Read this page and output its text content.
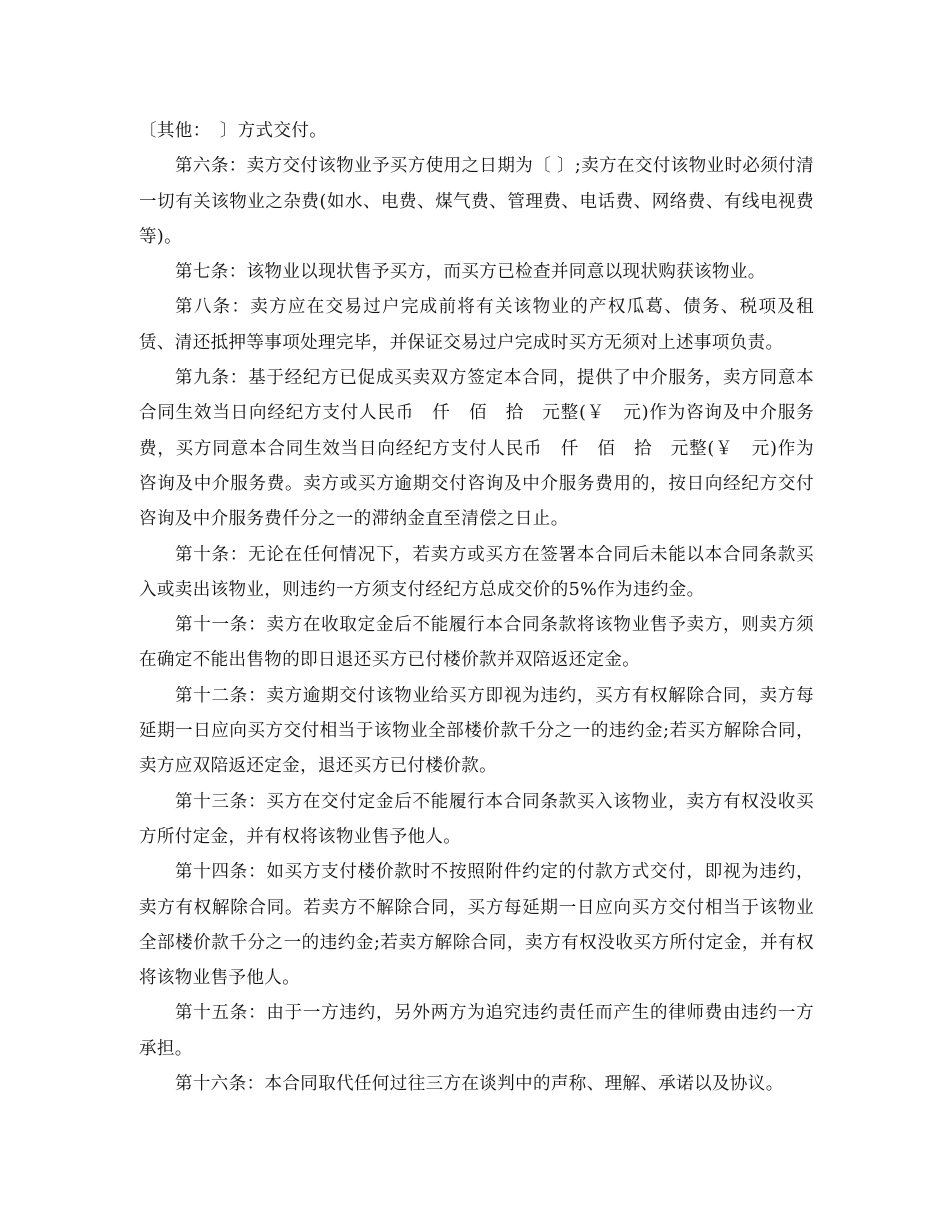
〔其他：　〕方式交付。

第六条：卖方交付该物业予买方使用之日期为〔 〕;卖方在交付该物业时必须付清一切有关该物业之杂费(如水、电费、煤气费、管理费、电话费、网络费、有线电视费等)。

第七条：该物业以现状售予买方，而买方已检查并同意以现状购获该物业。

第八条：卖方应在交易过户完成前将有关该物业的产权瓜葛、债务、税项及租赁、清还抵押等事项处理完毕，并保证交易过户完成时买方无须对上述事项负责。

第九条：基于经纪方已促成买卖双方签定本合同，提供了中介服务，卖方同意本合同生效当日向经纪方支付人民币　仟　佰　拾　元整(￥　元)作为咨询及中介服务费，买方同意本合同生效当日向经纪方支付人民币　仟　佰　拾　元整(￥　元)作为咨询及中介服务费。卖方或买方逾期交付咨询及中介服务费用的，按日向经纪方交付咨询及中介服务费仟分之一的滞纳金直至清偿之日止。

第十条：无论在任何情况下，若卖方或买方在签署本合同后未能以本合同条款买入或卖出该物业，则违约一方须支付经纪方总成交价的5%作为违约金。

第十一条：卖方在收取定金后不能履行本合同条款将该物业售予卖方，则卖方须在确定不能出售物的即日退还买方已付楼价款并双陪返还定金。

第十二条：卖方逾期交付该物业给买方即视为违约，买方有权解除合同，卖方每延期一日应向买方交付相当于该物业全部楼价款千分之一的违约金;若买方解除合同，卖方应双陪返还定金，退还买方已付楼价款。

第十三条：买方在交付定金后不能履行本合同条款买入该物业，卖方有权没收买方所付定金，并有权将该物业售予他人。

第十四条：如买方支付楼价款时不按照附件约定的付款方式交付，即视为违约，卖方有权解除合同。若卖方不解除合同，买方每延期一日应向买方交付相当于该物业全部楼价款千分之一的违约金;若卖方解除合同，卖方有权没收买方所付定金，并有权将该物业售予他人。

第十五条：由于一方违约，另外两方为追究违约责任而产生的律师费由违约一方承担。

第十六条：本合同取代任何过往三方在谈判中的声称、理解、承诺以及协议。
